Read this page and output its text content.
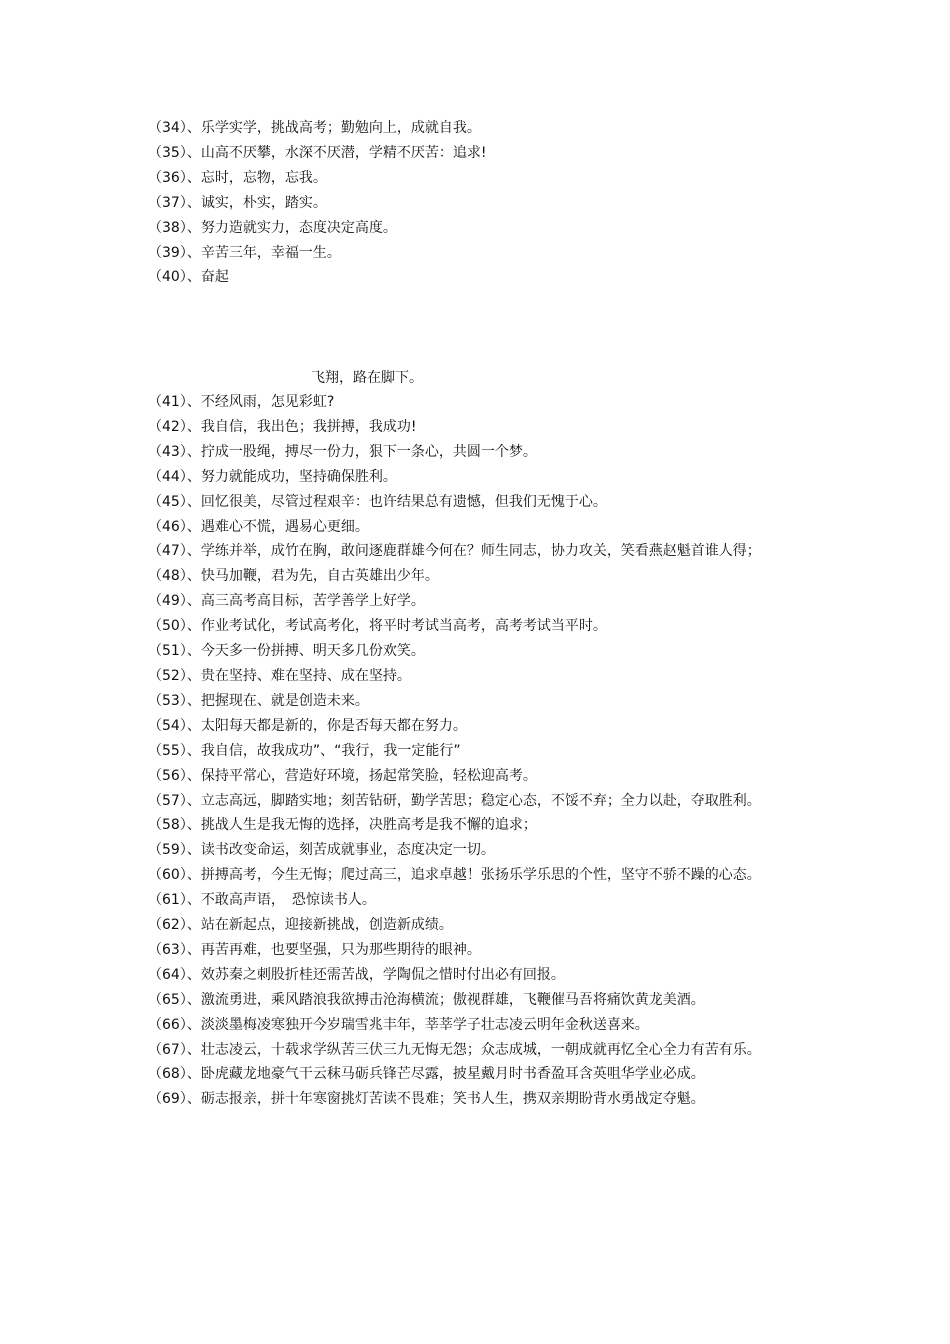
（34）、乐学实学，挑战高考；勤勉向上，成就自我。
（35）、山高不厌攀，水深不厌潜，学精不厌苦：追求!
（36）、忘时，忘物，忘我。
（37）、诚实，朴实，踏实。
（38）、努力造就实力，态度决定高度。
（39）、辛苦三年，幸福一生。
（40）、奋起
飞翔，路在脚下。
（41）、不经风雨，怎见彩虹?
（42）、我自信，我出色；我拼搏，我成功!
（43）、拧成一股绳，搏尽一份力，狠下一条心，共圆一个梦。
（44）、努力就能成功，坚持确保胜利。
（45）、回忆很美，尽管过程艰辛：也许结果总有遗憾，但我们无愧于心。
（46）、遇难心不慌，遇易心更细。
（47）、学练并举，成竹在胸，敢问逐鹿群雄今何在？师生同志，协力攻关，笑看燕赵魁首谁人得；
（48）、快马加鞭，君为先，自古英雄出少年。
（49）、高三高考高目标，苦学善学上好学。
（50）、作业考试化，考试高考化，将平时考试当高考，高考考试当平时。
（51）、今天多一份拼搏、明天多几份欢笑。
（52）、贵在坚持、难在坚持、成在坚持。
（53）、把握现在、就是创造未来。
（54）、太阳每天都是新的，你是否每天都在努力。
（55）、我自信，故我成功”、“我行，我一定能行”
（56）、保持平常心，营造好环境，扬起常笑脸，轻松迎高考。
（57）、立志高远，脚踏实地；刻苦钻研，勤学苦思；稳定心态，不馁不弃；全力以赴，夺取胜利。
（58）、挑战人生是我无悔的选择，决胜高考是我不懈的追求；
（59）、读书改变命运，刻苦成就事业，态度决定一切。
（60）、拼搏高考，今生无悔；爬过高三，追求卓越！张扬乐学乐思的个性，坚守不骄不躁的心态。
（61）、不敢高声语，　恐惊读书人。
（62）、站在新起点，迎接新挑战，创造新成绩。
（63）、再苦再难，也要坚强，只为那些期待的眼神。
（64）、效苏秦之刺股折桂还需苦战，学陶侃之惜时付出必有回报。
（65）、激流勇进，乘风踏浪我欲搏击沧海横流；傲视群雄，飞鞭催马吾将痛饮黄龙美酒。
（66）、淡淡墨梅凌寒独开今岁瑞雪兆丰年，莘莘学子壮志凌云明年金秋送喜来。
（67）、壮志凌云，十载求学纵苦三伏三九无悔无怨；众志成城，一朝成就再忆全心全力有苦有乐。
（68）、卧虎藏龙地豪气干云秣马砺兵锋芒尽露，披星戴月时书香盈耳含英咀华学业必成。
（69）、砺志报亲，拼十年寒窗挑灯苦读不畏难；笑书人生，携双亲期盼背水勇战定夺魁。
